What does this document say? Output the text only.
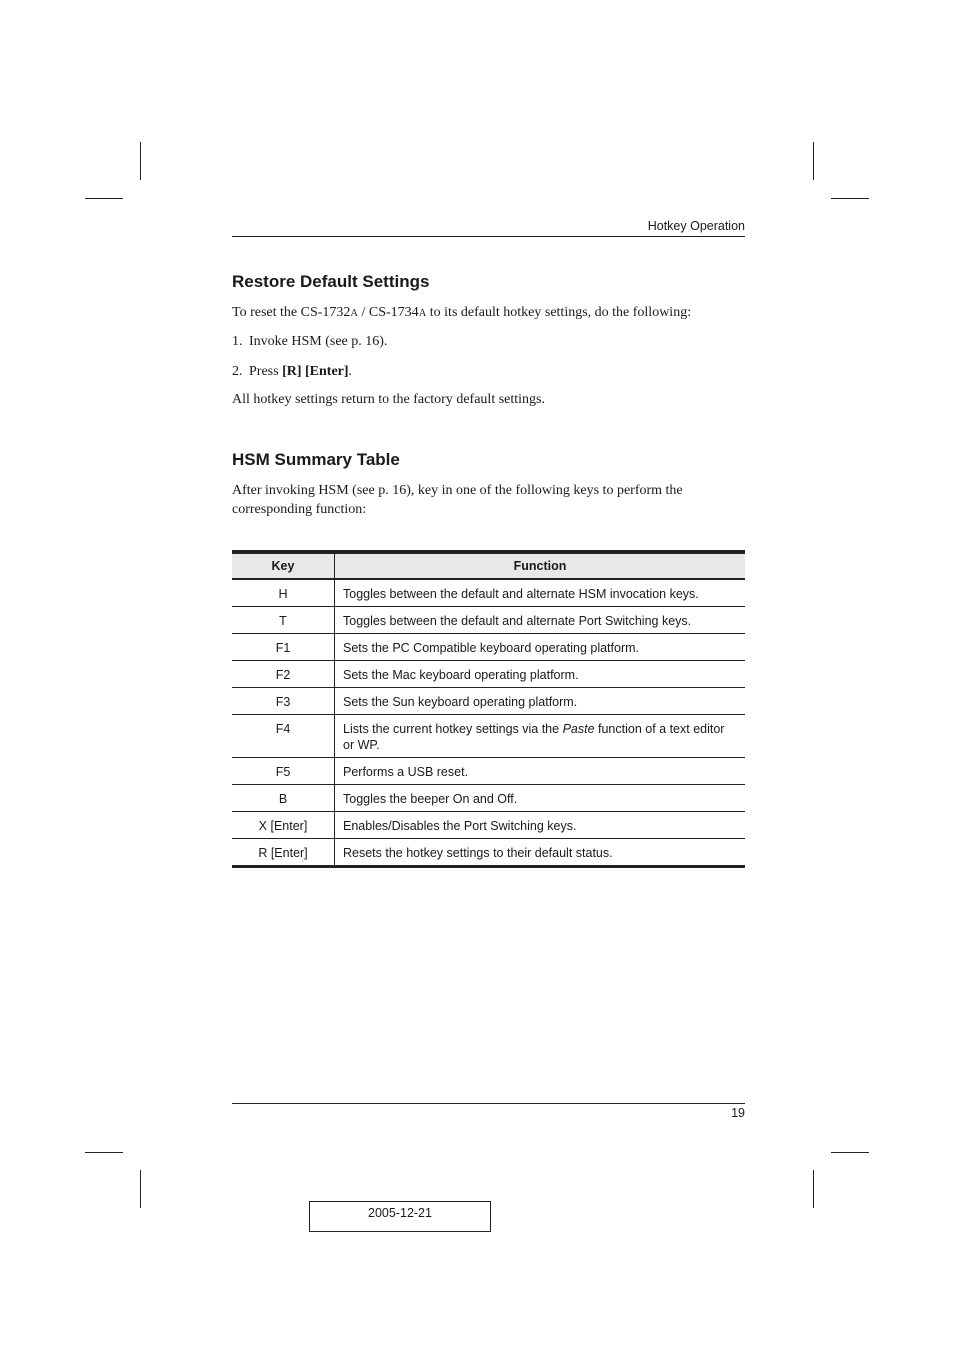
Hotkey Operation
Restore Default Settings

To reset the CS-1732A / CS-1734A to its default hotkey settings, do the following:

1. Invoke HSM (see p. 16).

2. Press [R] [Enter].

All hotkey settings return to the factory default settings.

HSM Summary Table

After invoking HSM (see p. 16), key in one of the following keys to perform the
corresponding function:

Key	Function
H	Toggles between the default and alternate HSM invocation keys.
T	Toggles between the default and alternate Port Switching keys.
F1	Sets the PC Compatible keyboard operating platform.
F2	Sets the Mac keyboard operating platform.
F3	Sets the Sun keyboard operating platform.
F4	Lists the current hotkey settings via the Paste function of a text editor or WP.
F5	Performs a USB reset.
B	Toggles the beeper On and Off.
X [Enter]	Enables/Disables the Port Switching keys.
R [Enter]	Resets the hotkey settings to their default status.
19
2005-12-21
